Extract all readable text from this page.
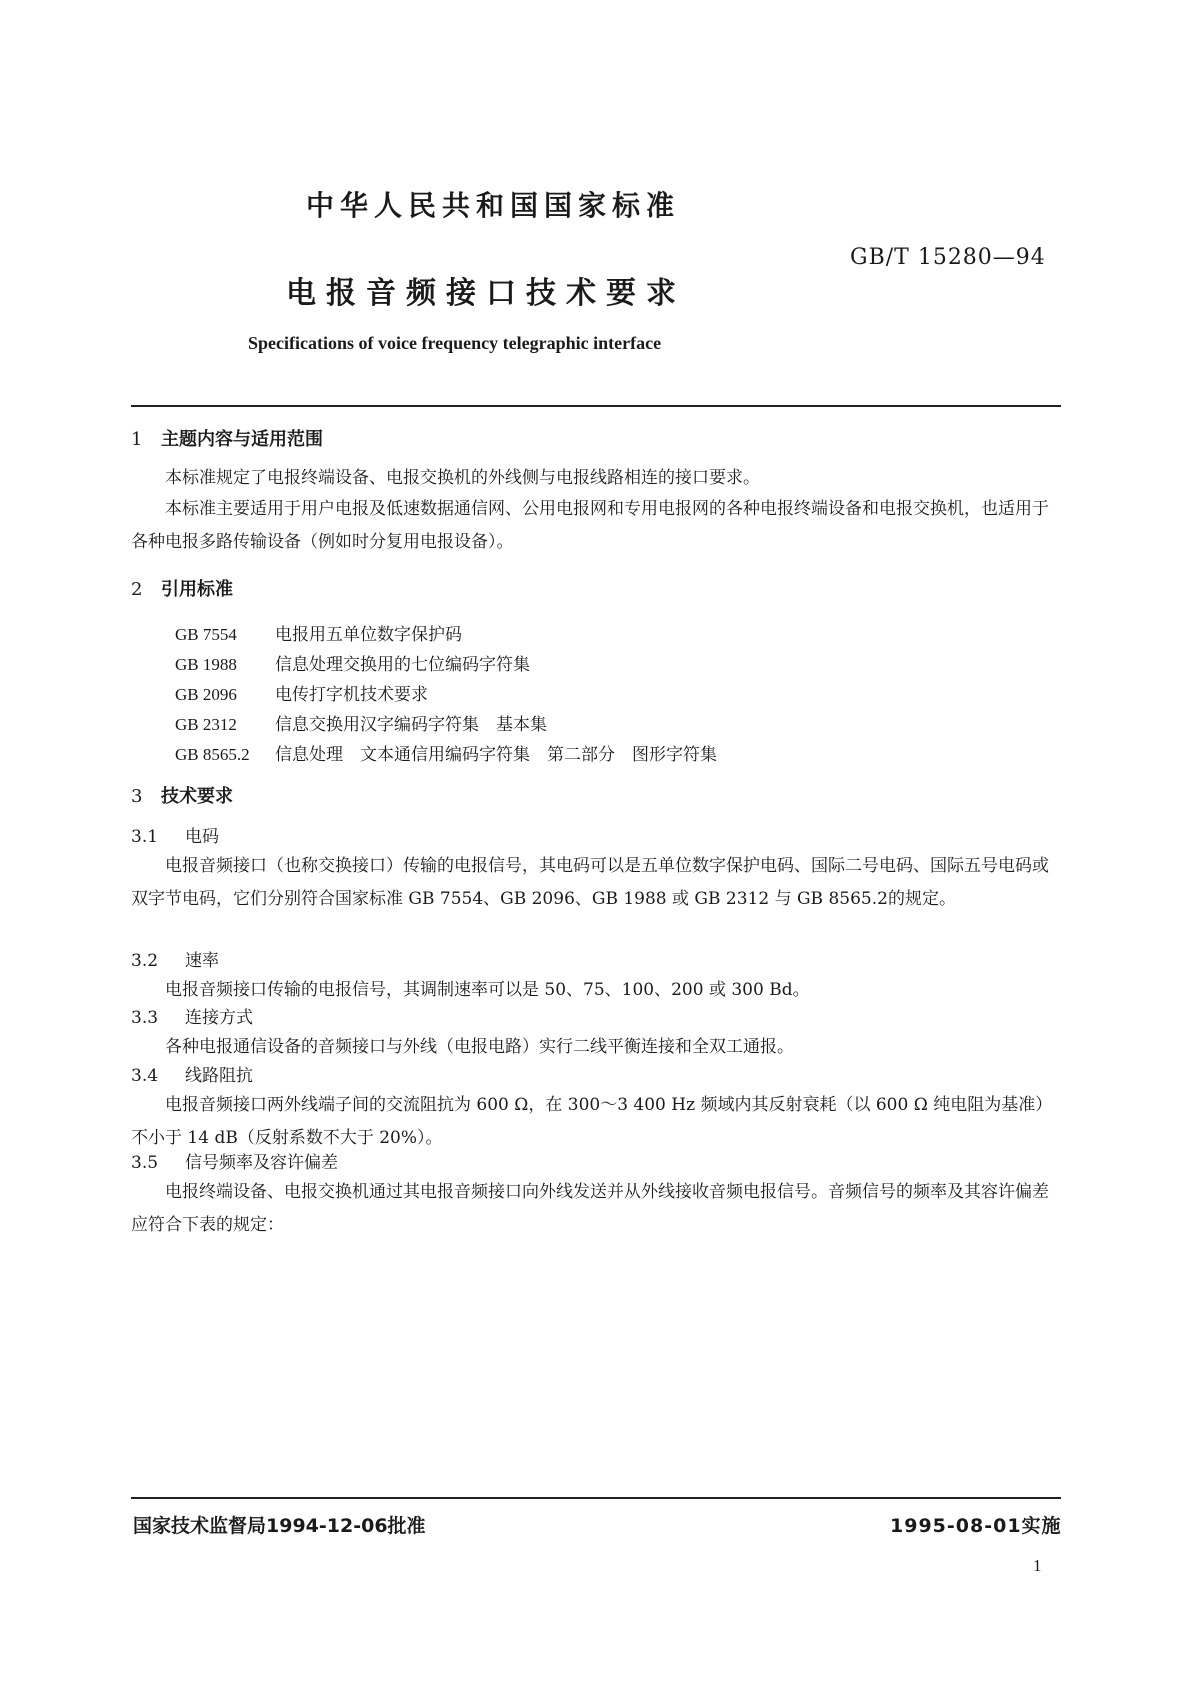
中华人民共和国国家标准
GB/T 15280—94
电报音频接口技术要求
Specifications of voice frequency telegraphic interface
1 主题内容与适用范围
本标准规定了电报终端设备、电报交换机的外线侧与电报线路相连的接口要求。
本标准主要适用于用户电报及低速数据通信网、公用电报网和专用电报网的各种电报终端设备和电报交换机，也适用于各种电报多路传输设备（例如时分复用电报设备）。
2 引用标准
GB 7554 电报用五单位数字保护码
GB 1988 信息处理交换用的七位编码字符集
GB 2096 电传打字机技术要求
GB 2312 信息交换用汉字编码字符集　基本集
GB 8565.2 信息处理　文本通信用编码字符集　第二部分　图形字符集
3 技术要求
3.1 电码
电报音频接口（也称交换接口）传输的电报信号，其电码可以是五单位数字保护电码、国际二号电码、国际五号电码或双字节电码，它们分别符合国家标准 GB 7554、GB 2096、GB 1988 或 GB 2312 与 GB 8565.2的规定。
3.2 速率
电报音频接口传输的电报信号，其调制速率可以是 50、75、100、200 或 300 Bd。
3.3 连接方式
各种电报通信设备的音频接口与外线（电报电路）实行二线平衡连接和全双工通报。
3.4 线路阻抗
电报音频接口两外线端子间的交流阻抗为 600 Ω，在 300～3 400 Hz 频域内其反射衰耗（以 600 Ω 纯电阻为基准）不小于 14 dB（反射系数不大于 20%）。
3.5 信号频率及容许偏差
电报终端设备、电报交换机通过其电报音频接口向外线发送并从外线接收音频电报信号。音频信号的频率及其容许偏差应符合下表的规定：
国家技术监督局1994-12-06批准	1995-08-01实施
1
